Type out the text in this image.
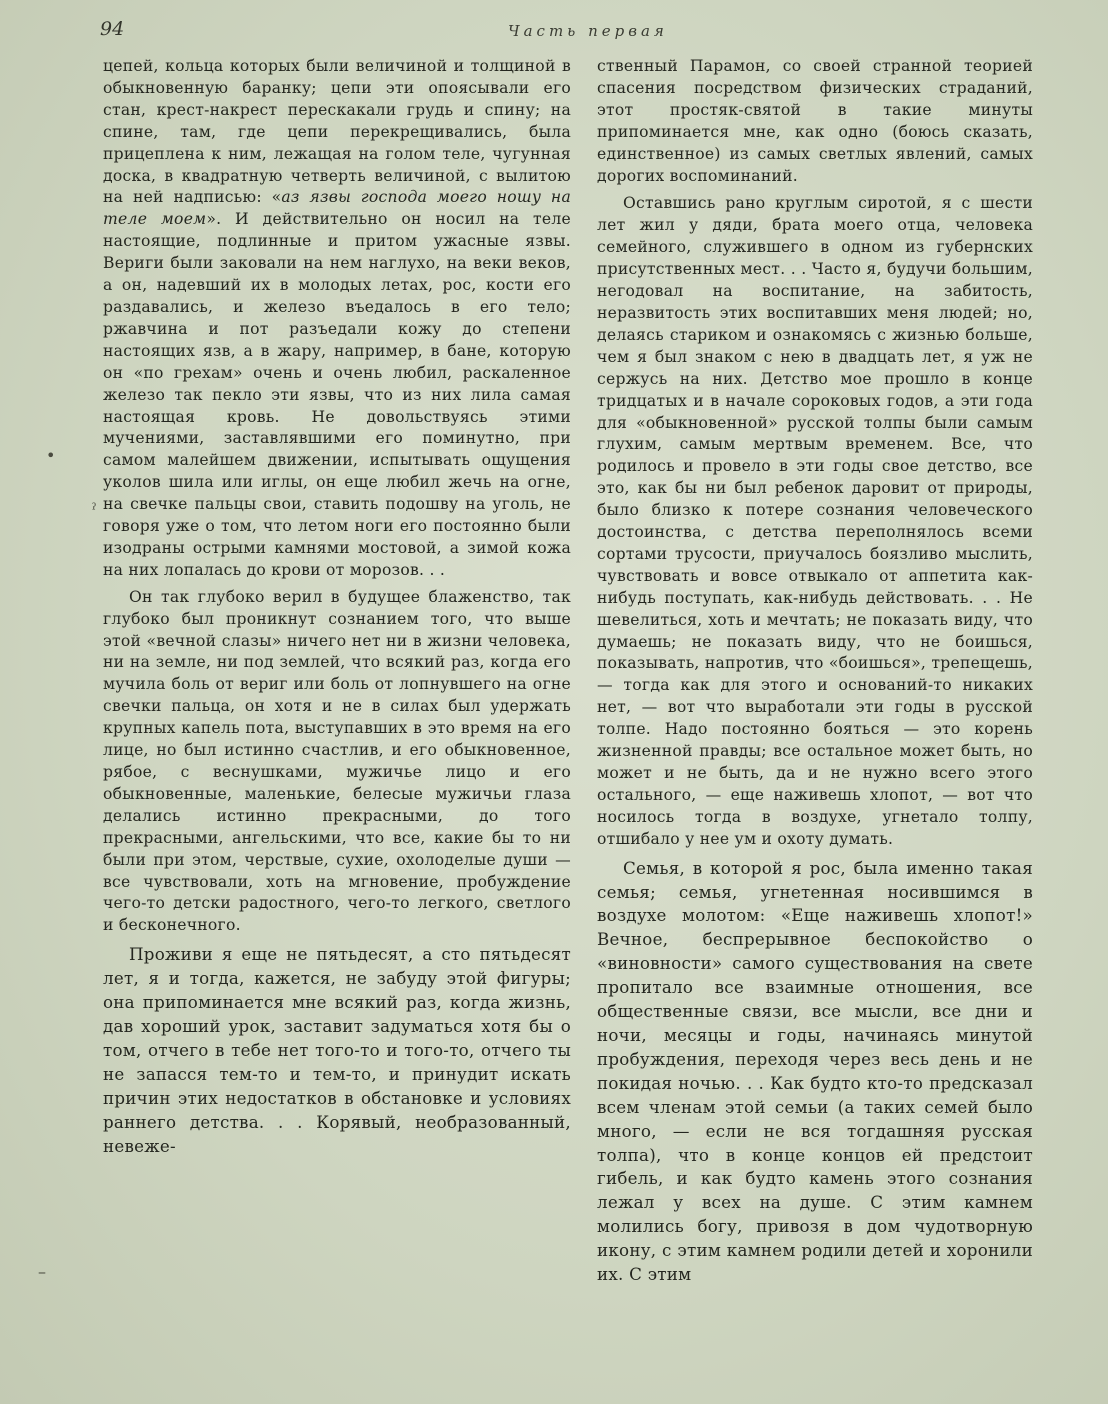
94	Часть первая

цепей, кольца которых были величиной и толщиной в обыкновенную баранку; цепи эти опоясывали его стан, крест-накрест перескакали грудь и спину; на спине, там, где цепи перекрещивались, была прицеплена к ним, лежащая на голом теле, чугунная доска, в квадратную четверть величиной, с вылитою на ней надписью: «аз язвы господа моего ношу на теле моем». И действительно он носил на теле настоящие, подлинные и притом ужасные язвы. Вериги были заковали на нем наглухо, на веки веков, а он, надевший их в молодых летах, рос, кости его раздавались, и железо въедалось в его тело; ржавчина и пот разъедали кожу до степени настоящих язв, а в жару, например, в бане, которую он «по грехам» очень и очень любил, раскаленное железо так пекло эти язвы, что из них лила самая настоящая кровь. Не довольствуясь этими мучениями, заставлявшими его поминутно, при самом малейшем движении, испытывать ощущения уколов шила или иглы, он еще любил жечь на огне, на свечке пальцы свои, ставить подошву на уголь, не говоря уже о том, что летом ноги его постоянно были изодраны острыми камнями мостовой, а зимой кожа на них лопалась до крови от морозов. . .

Он так глубоко верил в будущее блаженство, так глубоко был проникнут сознанием того, что выше этой «вечной слазы» ничего нет ни в жизни человека, ни на земле, ни под землей, что всякий раз, когда его мучила боль от вериг или боль от лопнувшего на огне свечки пальца, он хотя и не в силах был удержать крупных капель пота, выступавших в это время на его лице, но был истинно счастлив, и его обыкновенное, рябое, с веснушками, мужичье лицо и его обыкновенные, маленькие, белесые мужичьи глаза делались истинно прекрасными, до того прекрасными, ангельскими, что все, какие бы то ни были при этом, черствые, сухие, охолоделые души — все чувствовали, хоть на мгновение, пробуждение чего-то детски радостного, чего-то легкого, светлого и бесконечного.

Проживи я еще не пятьдесят, а сто пятьдесят лет, я и тогда, кажется, не забуду этой фигуры; она припоминается мне всякий раз, когда жизнь, дав хороший урок, заставит задуматься хотя бы о том, отчего в тебе нет того-то и того-то, отчего ты не запасся тем-то и тем-то, и принудит искать причин этих недостатков в обстановке и условиях раннего детства. . . Корявый, необразованный, невеже-

ственный Парамон, со своей странной теорией спасения посредством физических страданий, этот простяк-святой в такие минуты припоминается мне, как одно (боюсь сказать, единственное) из самых светлых явлений, самых дорогих воспоминаний.

Оставшись рано круглым сиротой, я с шести лет жил у дяди, брата моего отца, человека семейного, служившего в одном из губернских присутственных мест. . . Часто я, будучи большим, негодовал на воспитание, на забитость, неразвитость этих воспитавших меня людей; но, делаясь стариком и ознакомясь с жизнью больше, чем я был знаком с нею в двадцать лет, я уж не сержусь на них. Детство мое прошло в конце тридцатых и в начале сороковых годов, а эти года для «обыкновенной» русской толпы были самым глухим, самым мертвым временем. Все, что родилось и провело в эти годы свое детство, все это, как бы ни был ребенок даровит от природы, было близко к потере сознания человеческого достоинства, с детства переполнялось всеми сортами трусости, приучалось боязливо мыслить, чувствовать и вовсе отвыкало от аппетита как-нибудь поступать, как-нибудь действовать. . . Не шевелиться, хоть и мечтать; не показать виду, что думаешь; не показать виду, что не боишься, показывать, напротив, что «боишься», трепещешь, — тогда как для этого и оснований-то никаких нет, — вот что выработали эти годы в русской толпе. Надо постоянно бояться — это корень жизненной правды; все остальное может быть, но может и не быть, да и не нужно всего этого остального, — еще наживешь хлопот, — вот что носилось тогда в воздухе, угнетало толпу, отшибало у нее ум и охоту думать.

Семья, в которой я рос, была именно такая семья; семья, угнетенная носившимся в воздухе молотом: «Еще наживешь хлопот!» Вечное, беспрерывное беспокойство о «виновности» самого существования на свете пропитало все взаимные отношения, все общественные связи, все мысли, все дни и ночи, месяцы и годы, начинаясь минутой пробуждения, переходя через весь день и не покидая ночью. . . Как будто кто-то предсказал всем членам этой семьи (а таких семей было много, — если не вся тогдашняя русская толпа), что в конце концов ей предстоит гибель, и как будто камень этого сознания лежал у всех на душе. С этим камнем молились богу, привозя в дом чудотворную икону, с этим камнем родили детей и хоронили их. С этим

•
ˀ
–
